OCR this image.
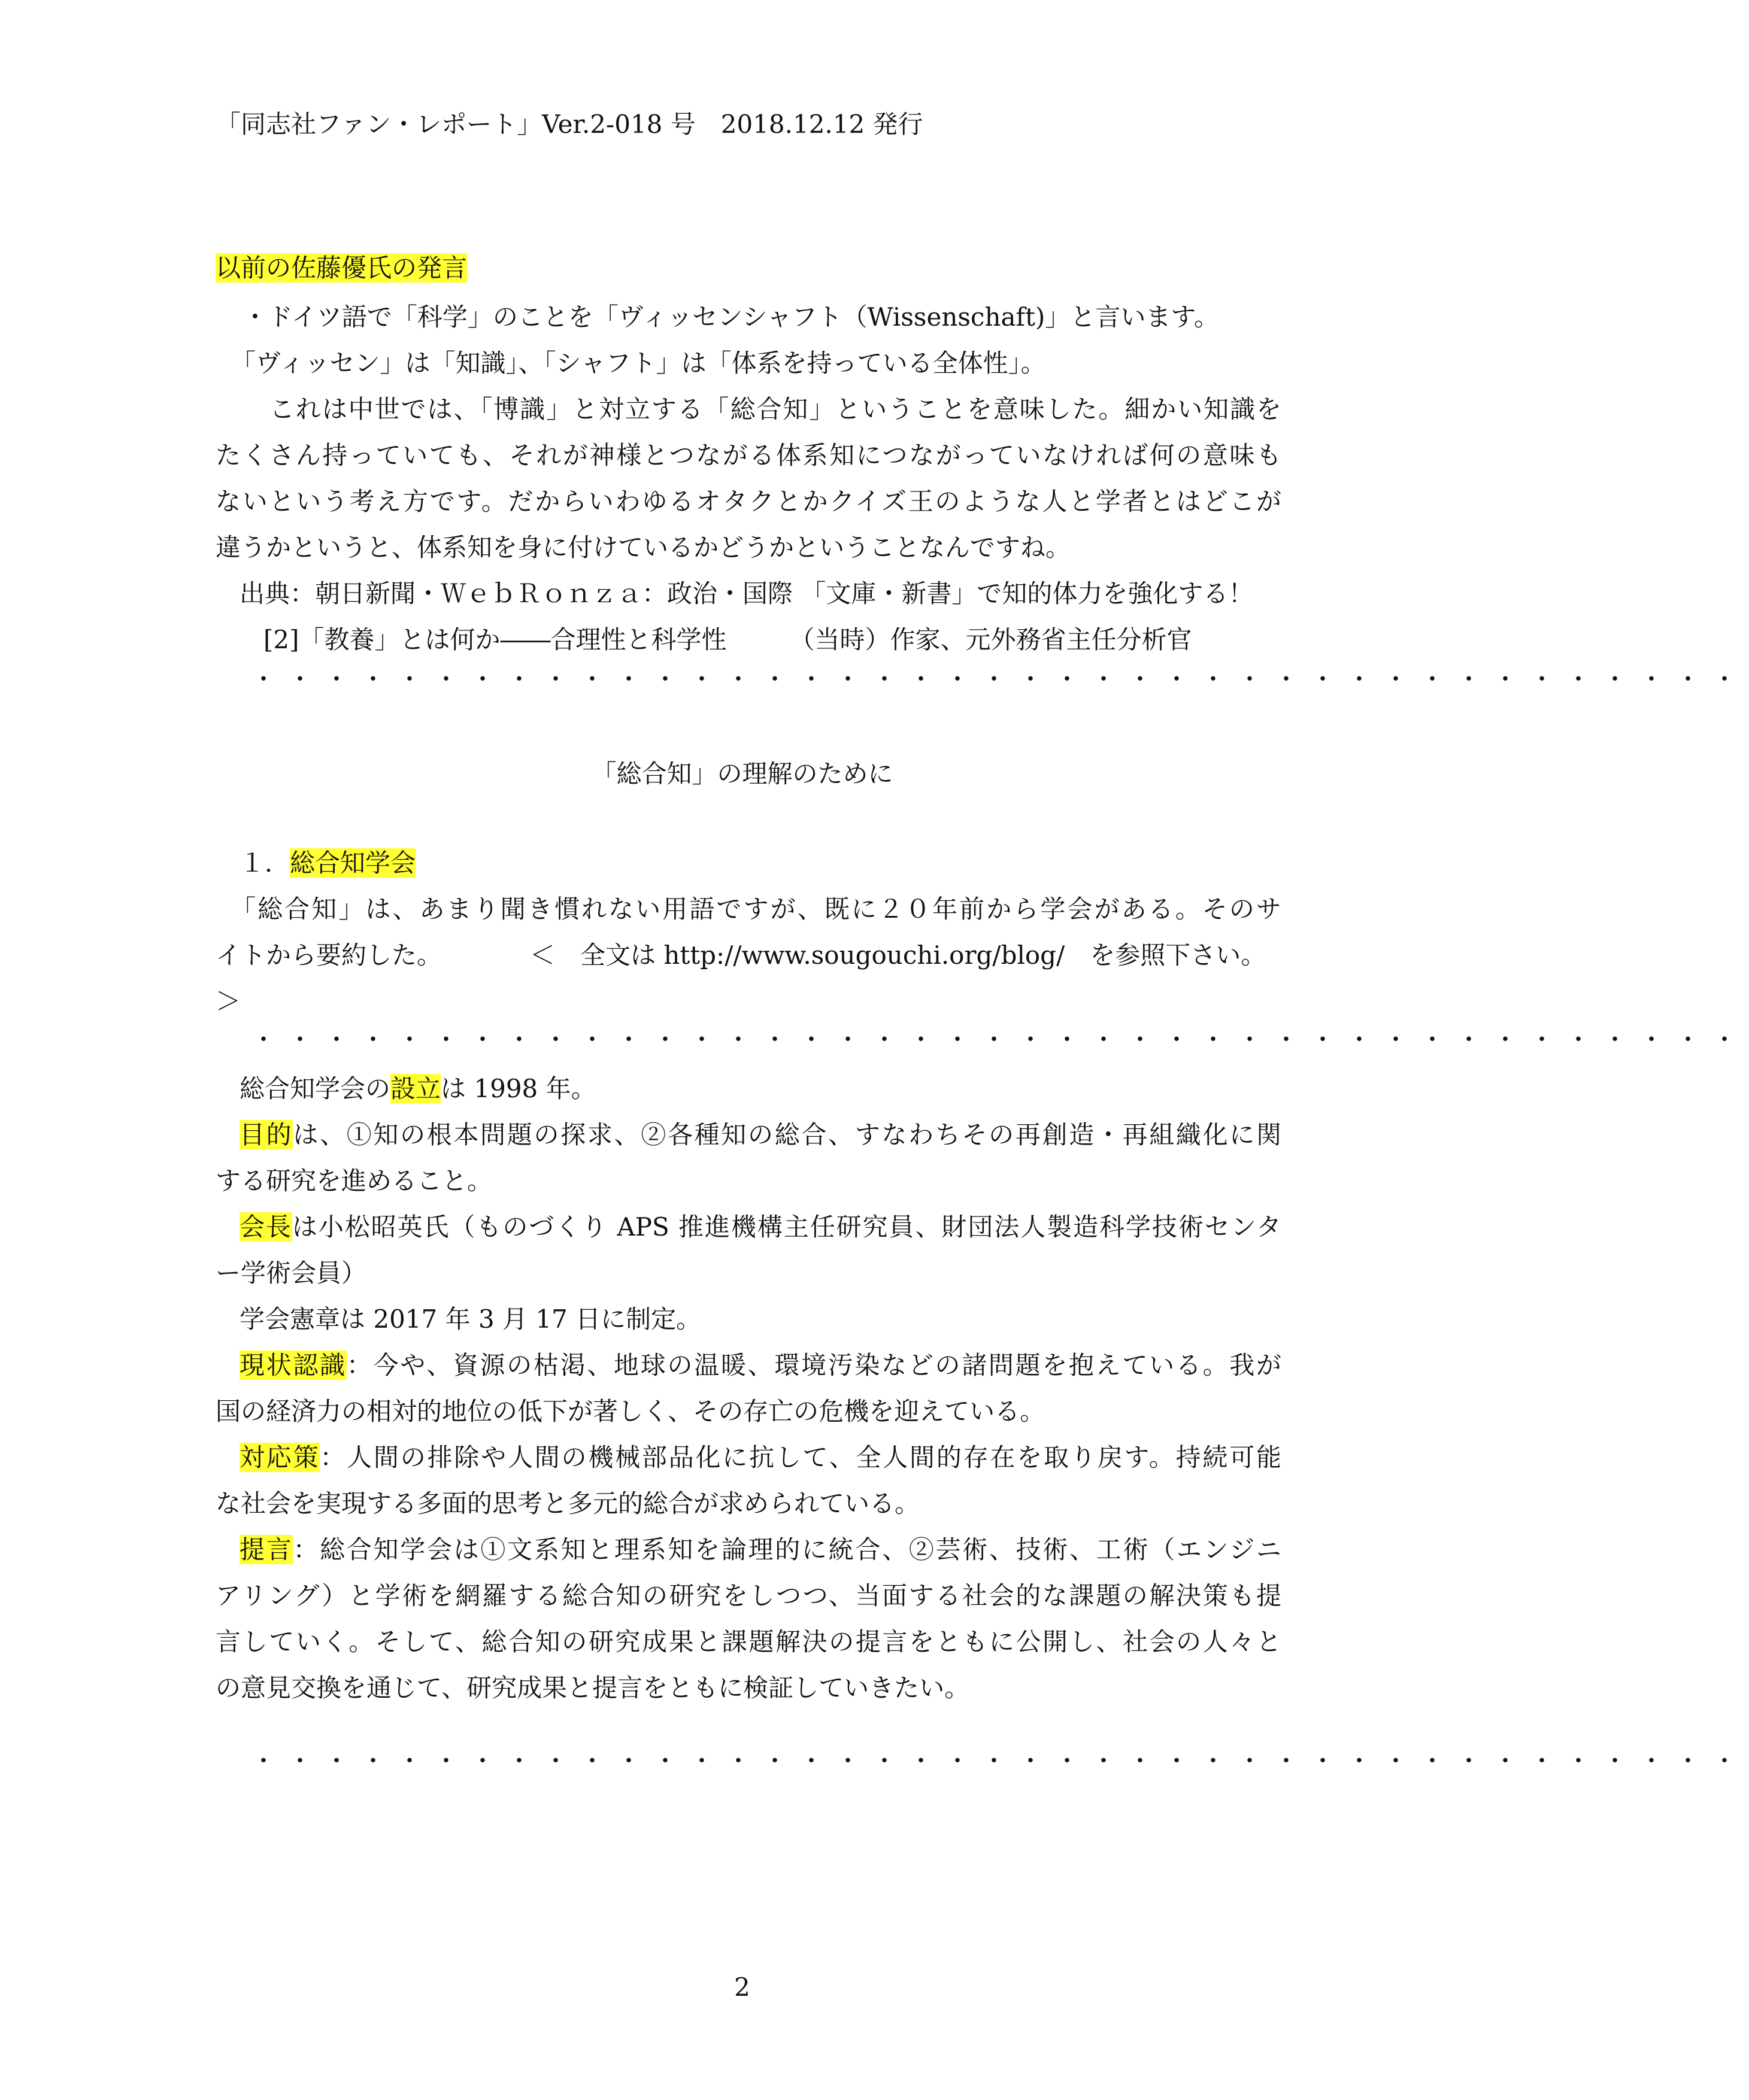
「同志社ファン・レポート」Ver.2-018 号　2018.12.12 発行
以前の佐藤優氏の発言
・ドイツ語で「科学」のことを「ヴィッセンシャフト（Wissenschaft)」と言います。
「ヴィッセン」は「知識」、「シャフト」は「体系を持っている全体性」。
これは中世では、「博識」と対立する「総合知」ということを意味した。細かい知識を
たくさん持っていても、それが神様とつながる体系知につながっていなければ何の意味も
ないという考え方です。だからいわゆるオタクとかクイズ王のような人と学者とはどこが
違うかというと、体系知を身に付けているかどうかということなんですね。
出典：朝日新聞・ＷｅｂＲｏｎｚａ：政治・国際 「文庫・新書」で知的体力を強化する！
[2]「教養」とは何か――合理性と科学性　　　（当時）作家、元外務省主任分析官
・・・・・・・・・・・・・・・・・・・・・・・・・・・・・・・・・・・・・・・・・
「総合知」の理解のために
１．総合知学会
「総合知」は、あまり聞き慣れない用語ですが、既に２０年前から学会がある。そのサ
イトから要約した。　　　　＜　全文は http://www.sougouchi.org/blog/　を参照下さい。
＞
・・・・・・・・・・・・・・・・・・・・・・・・・・・・・・・・・・・・・・・・・
総合知学会の設立は 1998 年。
目的は、①知の根本問題の探求、②各種知の総合、すなわちその再創造・再組織化に関
する研究を進めること。
会長は小松昭英氏（ものづくり APS 推進機構主任研究員、財団法人製造科学技術センタ
ー学術会員）
学会憲章は 2017 年 3 月 17 日に制定。
現状認識：今や、資源の枯渇、地球の温暖、環境汚染などの諸問題を抱えている。我が
国の経済力の相対的地位の低下が著しく、その存亡の危機を迎えている。
対応策：人間の排除や人間の機械部品化に抗して、全人間的存在を取り戻す。持続可能
な社会を実現する多面的思考と多元的総合が求められている。
提言：総合知学会は①文系知と理系知を論理的に統合、②芸術、技術、工術（エンジニ
アリング）と学術を網羅する総合知の研究をしつつ、当面する社会的な課題の解決策も提
言していく。そして、総合知の研究成果と課題解決の提言をともに公開し、社会の人々と
の意見交換を通じて、研究成果と提言をともに検証していきたい。
・・・・・・・・・・・・・・・・・・・・・・・・・・・・・・・・・・・・・・・・・
2
